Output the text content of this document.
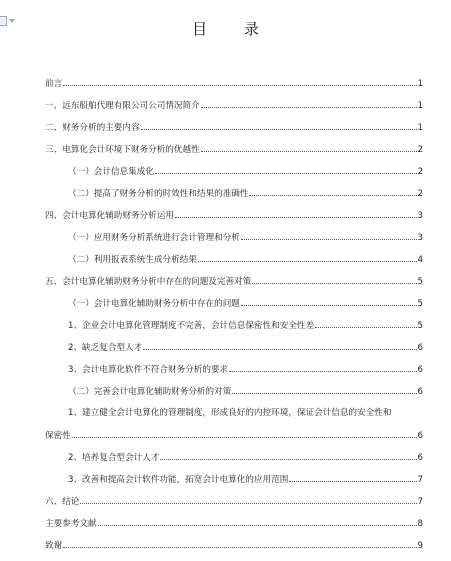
目 录
前言	1
一、远东船舶代理有限公司公司情况简介	1
二、财务分析的主要内容	1
三、电算化会计环境下财务分析的优越性	2
（一）会计信息集成化	2
（二）提高了财务分析的时效性和结果的准确性	2
四、会计电算化辅助财务分析运用	3
（一）应用财务分析系统进行会计管理和分析	3
（二）利用报表系统生成分析结果	4
五、会计电算化辅助财务分析中存在的问题及完善对策	5
（一）会计电算化辅助财务分析中存在的问题	5
1、企业会计电算化管理制度不完善，会计信息保密性和安全性差	5
2、缺乏复合型人才	6
3、会计电算化软件不符合财务分析的要求	6
（二）完善会计电算化辅助财务分析的对策	6
1、建立健全会计电算化的管理制度，形成良好的内控环境，保证会计信息的安全性和
保密性	6
2、培养复合型会计人才	6
3、改善和提高会计软件功能，拓宽会计电算化的应用范围	7
六、结论	7
主要参考文献	8
致谢	9
